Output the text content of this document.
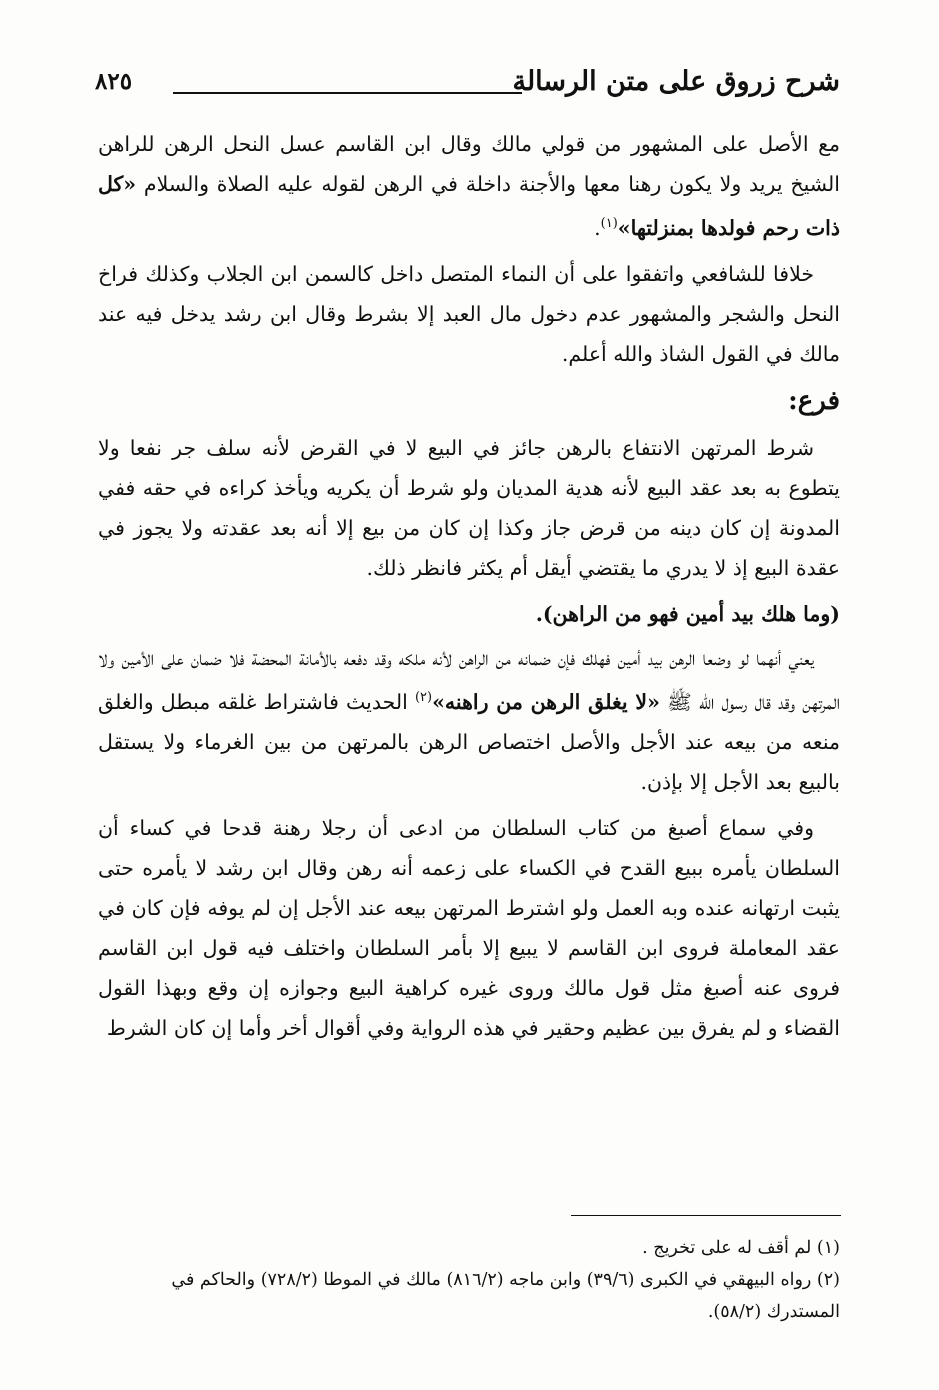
شرح زروق على متن الرسالة
٨٢٥

مع الأصل على المشهور من قولي مالك وقال ابن القاسم عسل النحل الرهن للراهن الشيخ يريد ولا يكون رهنا معها والأجنة داخلة في الرهن لقوله عليه الصلاة والسلام «كل ذات رحم فولدها بمنزلتها»$^{(١)}$.

خلافا للشافعي واتفقوا على أن النماء المتصل داخل كالسمن ابن الجلاب وكذلك فراخ النحل والشجر والمشهور عدم دخول مال العبد إلا بشرط وقال ابن رشد يدخل فيه عند مالك في القول الشاذ والله أعلم.

فرع:

شرط المرتهن الانتفاع بالرهن جائز في البيع لا في القرض لأنه سلف جر نفعا ولا يتطوع به بعد عقد البيع لأنه هدية المديان ولو شرط أن يكريه ويأخذ كراءه في حقه ففي المدونة إن كان دينه من قرض جاز وكذا إن كان من بيع إلا أنه بعد عقدته ولا يجوز في عقدة البيع إذ لا يدري ما يقتضي أيقل أم يكثر فانظر ذلك.

(وما هلك بيد أمين فهو من الراهن).

يعني أنهما لو وضعا الرهن بيد أمين فهلك فإن ضمانه من الراهن لأنه ملكه وقد دفعه بالأمانة المحضة فلا ضمان على الأمين ولا المرتهن وقد قال رسول الله ﷺ «لا يغلق الرهن من راهنه»$^{(٢)}$ الحديث فاشتراط غلقه مبطل والغلق منعه من بيعه عند الأجل والأصل اختصاص الرهن بالمرتهن من بين الغرماء ولا يستقل بالبيع بعد الأجل إلا بإذن.

وفي سماع أصبغ من كتاب السلطان من ادعى أن رجلا رهنة قدحا في كساء أن السلطان يأمره ببيع القدح في الكساء على زعمه أنه رهن وقال ابن رشد لا يأمره حتى يثبت ارتهانه عنده وبه العمل ولو اشترط المرتهن بيعه عند الأجل إن لم يوفه فإن كان في عقد المعاملة فروى ابن القاسم لا يبيع إلا بأمر السلطان واختلف فيه قول ابن القاسم فروى عنه أصبغ مثل قول مالك وروى غيره كراهية البيع وجوازه إن وقع وبهذا القول القضاء و لم يفرق بين عظيم وحقير في هذه الرواية وفي أقوال أخر وأما إن كان الشرط

(١) لم أقف له على تخريج .
(٢) رواه البيهقي في الكبرى (٣٩/٦) وابن ماجه (٨١٦/٢) مالك في الموطا (٧٢٨/٢) والحاكم في المستدرك (٥٨/٢).
